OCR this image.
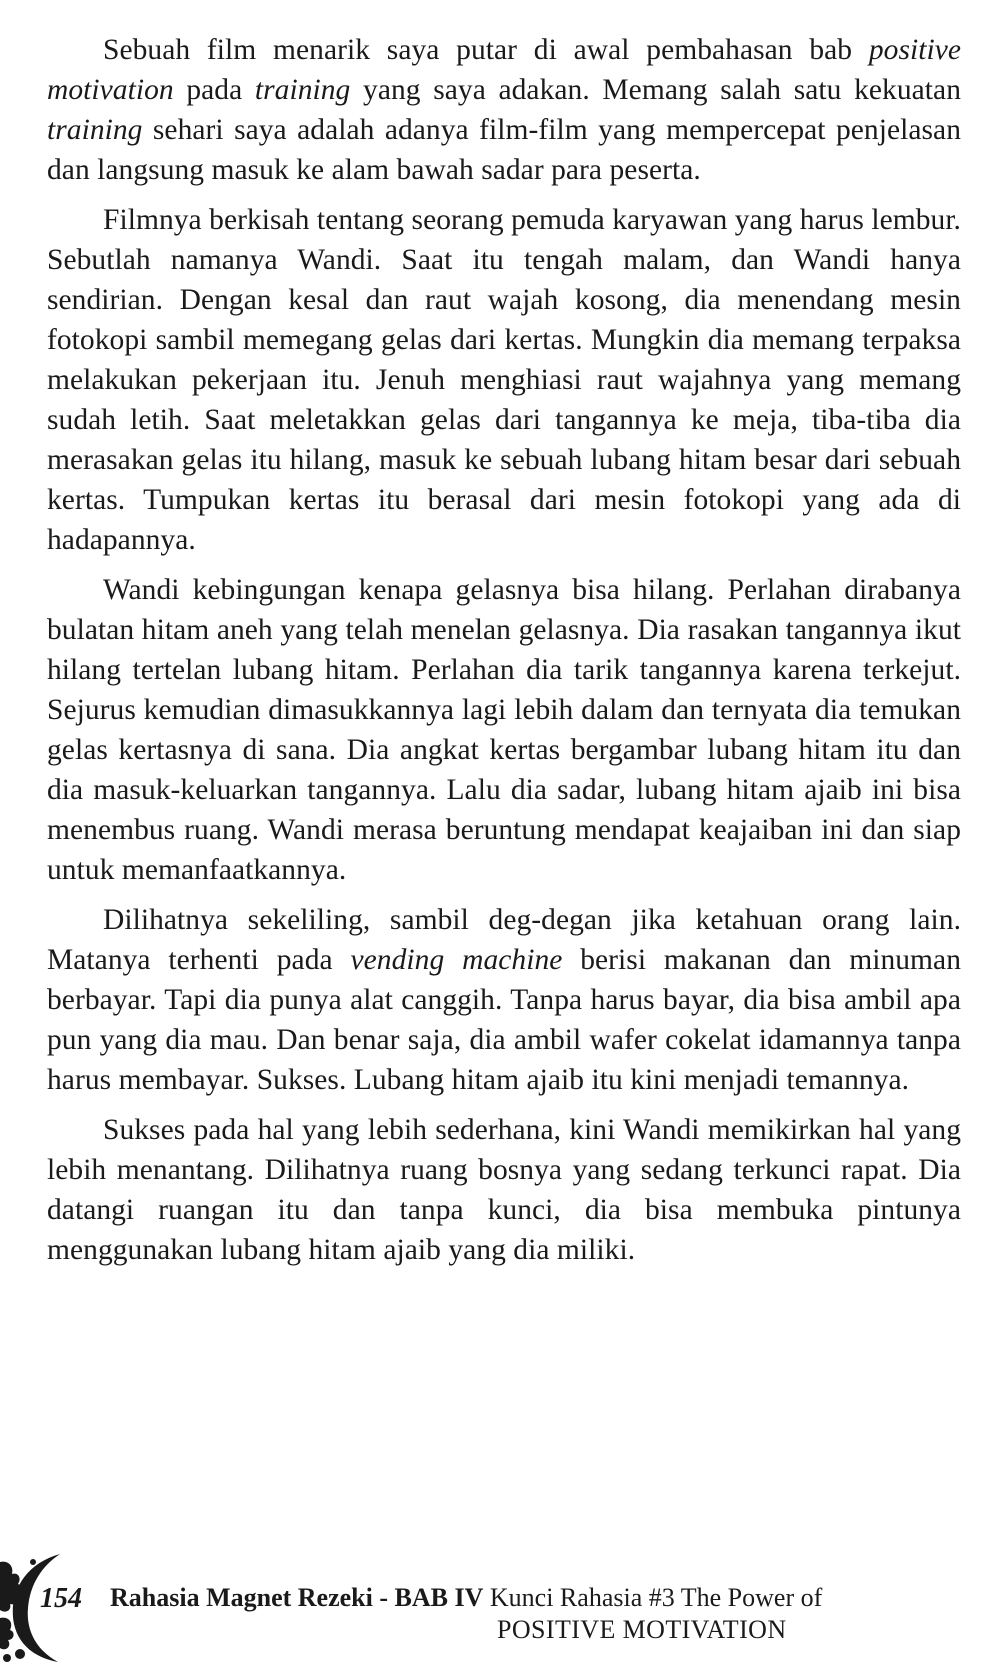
Sebuah film menarik saya putar di awal pembahasan bab positive motivation pada training yang saya adakan. Memang salah satu kekuatan training sehari saya adalah adanya film-film yang mempercepat penjelasan dan langsung masuk ke alam bawah sadar para peserta.

Filmnya berkisah tentang seorang pemuda karyawan yang harus lembur. Sebutlah namanya Wandi. Saat itu tengah malam, dan Wandi hanya sendirian. Dengan kesal dan raut wajah kosong, dia menendang mesin fotokopi sambil memegang gelas dari kertas. Mungkin dia memang terpaksa melakukan pekerjaan itu. Jenuh menghiasi raut wajahnya yang memang sudah letih. Saat meletakkan gelas dari tangannya ke meja, tiba-tiba dia merasakan gelas itu hilang, masuk ke sebuah lubang hitam besar dari sebuah kertas. Tumpukan kertas itu berasal dari mesin fotokopi yang ada di hadapannya.

Wandi kebingungan kenapa gelasnya bisa hilang. Perlahan dirabanya bulatan hitam aneh yang telah menelan gelasnya. Dia rasakan tangannya ikut hilang tertelan lubang hitam. Perlahan dia tarik tangannya karena terkejut. Sejurus kemudian dimasukkannya lagi lebih dalam dan ternyata dia temukan gelas kertasnya di sana. Dia angkat kertas bergambar lubang hitam itu dan dia masuk-keluarkan tangannya. Lalu dia sadar, lubang hitam ajaib ini bisa menembus ruang. Wandi merasa beruntung mendapat keajaiban ini dan siap untuk memanfaatkannya.

Dilihatnya sekeliling, sambil deg-degan jika ketahuan orang lain. Matanya terhenti pada vending machine berisi makanan dan minuman berbayar. Tapi dia punya alat canggih. Tanpa harus bayar, dia bisa ambil apa pun yang dia mau. Dan benar saja, dia ambil wafer cokelat idamannya tanpa harus membayar. Sukses. Lubang hitam ajaib itu kini menjadi temannya.

Sukses pada hal yang lebih sederhana, kini Wandi memikirkan hal yang lebih menantang. Dilihatnya ruang bosnya yang sedang terkunci rapat. Dia datangi ruangan itu dan tanpa kunci, dia bisa membuka pintunya menggunakan lubang hitam ajaib yang dia miliki.

154 Rahasia Magnet Rezeki - BAB IV Kunci Rahasia #3 The Power of
POSITIVE MOTIVATION
